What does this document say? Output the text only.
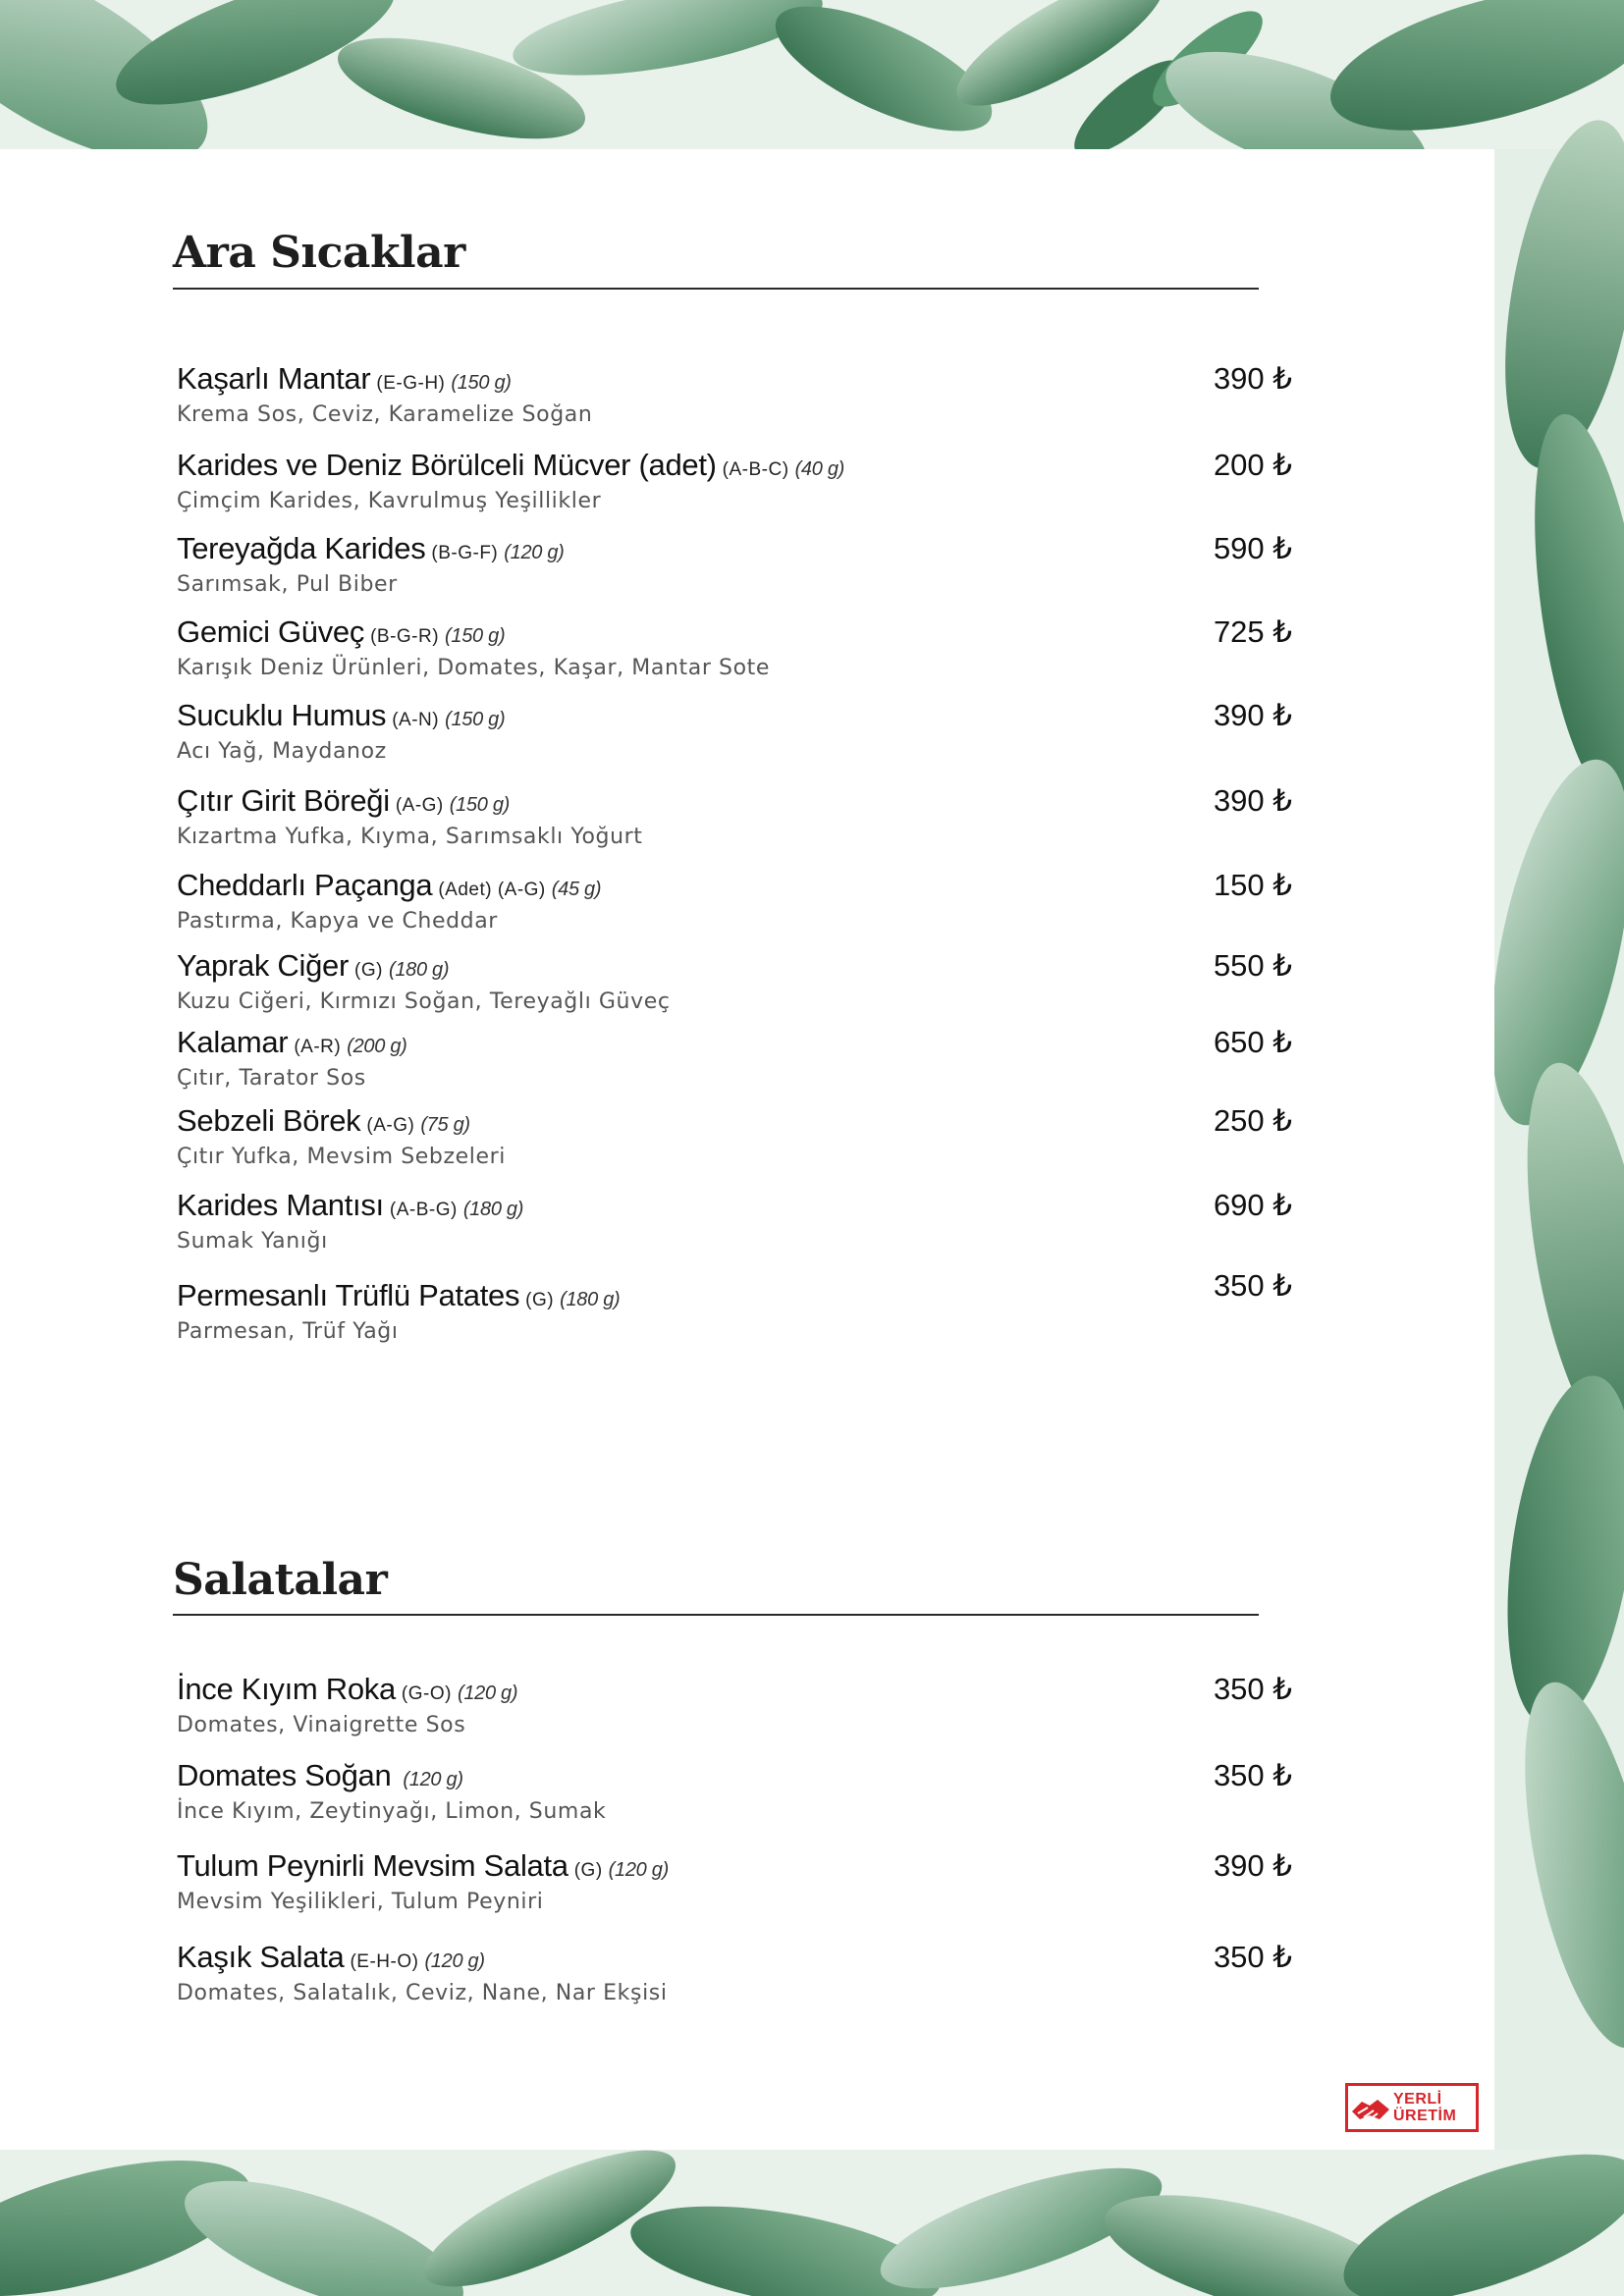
Ara Sıcaklar
Kaşarlı Mantar (E-G-H) (150 g)
Krema Sos, Ceviz, Karamelize Soğan
390 ₺
Karides ve Deniz Börülceli Mücver (adet) (A-B-C) (40 g)
Çimçim Karides, Kavrulmuş Yeşillikler
200 ₺
Tereyağda Karides (B-G-F) (120 g)
Sarımsak, Pul Biber
590 ₺
Gemici Güveç (B-G-R) (150 g)
Karışık Deniz Ürünleri, Domates, Kaşar, Mantar Sote
725 ₺
Sucuklu Humus (A-N) (150 g)
Acı Yağ, Maydanoz
390 ₺
Çıtır Girit Böreği (A-G) (150 g)
Kızartma Yufka, Kıyma, Sarımsaklı Yoğurt
390 ₺
Cheddarlı Paçanga (Adet) (A-G) (45 g)
Pastırma, Kapya ve Cheddar
150 ₺
Yaprak Ciğer (G) (180 g)
Kuzu Ciğeri, Kırmızı Soğan, Tereyağlı Güveç
550 ₺
Kalamar (A-R) (200 g)
Çıtır, Tarator Sos
650 ₺
Sebzeli Börek (A-G) (75 g)
Çıtır Yufka, Mevsim Sebzeleri
250 ₺
Karides Mantısı (A-B-G) (180 g)
Sumak Yanığı
690 ₺
Permesanlı Trüflü Patates (G) (180 g)
Parmesan, Trüf Yağı
350 ₺
Salatalar
İnce Kıyım Roka (G-O) (120 g)
Domates, Vinaigrette Sos
350 ₺
Domates Soğan (120 g)
İnce Kıyım, Zeytinyağı, Limon, Sumak
350 ₺
Tulum Peynirli Mevsim Salata (G) (120 g)
Mevsim Yeşilikleri, Tulum Peyniri
390 ₺
Kaşık Salata (E-H-O) (120 g)
Domates, Salatalık, Ceviz, Nane, Nar Ekşisi
350 ₺
YERLİ
ÜRETİM
